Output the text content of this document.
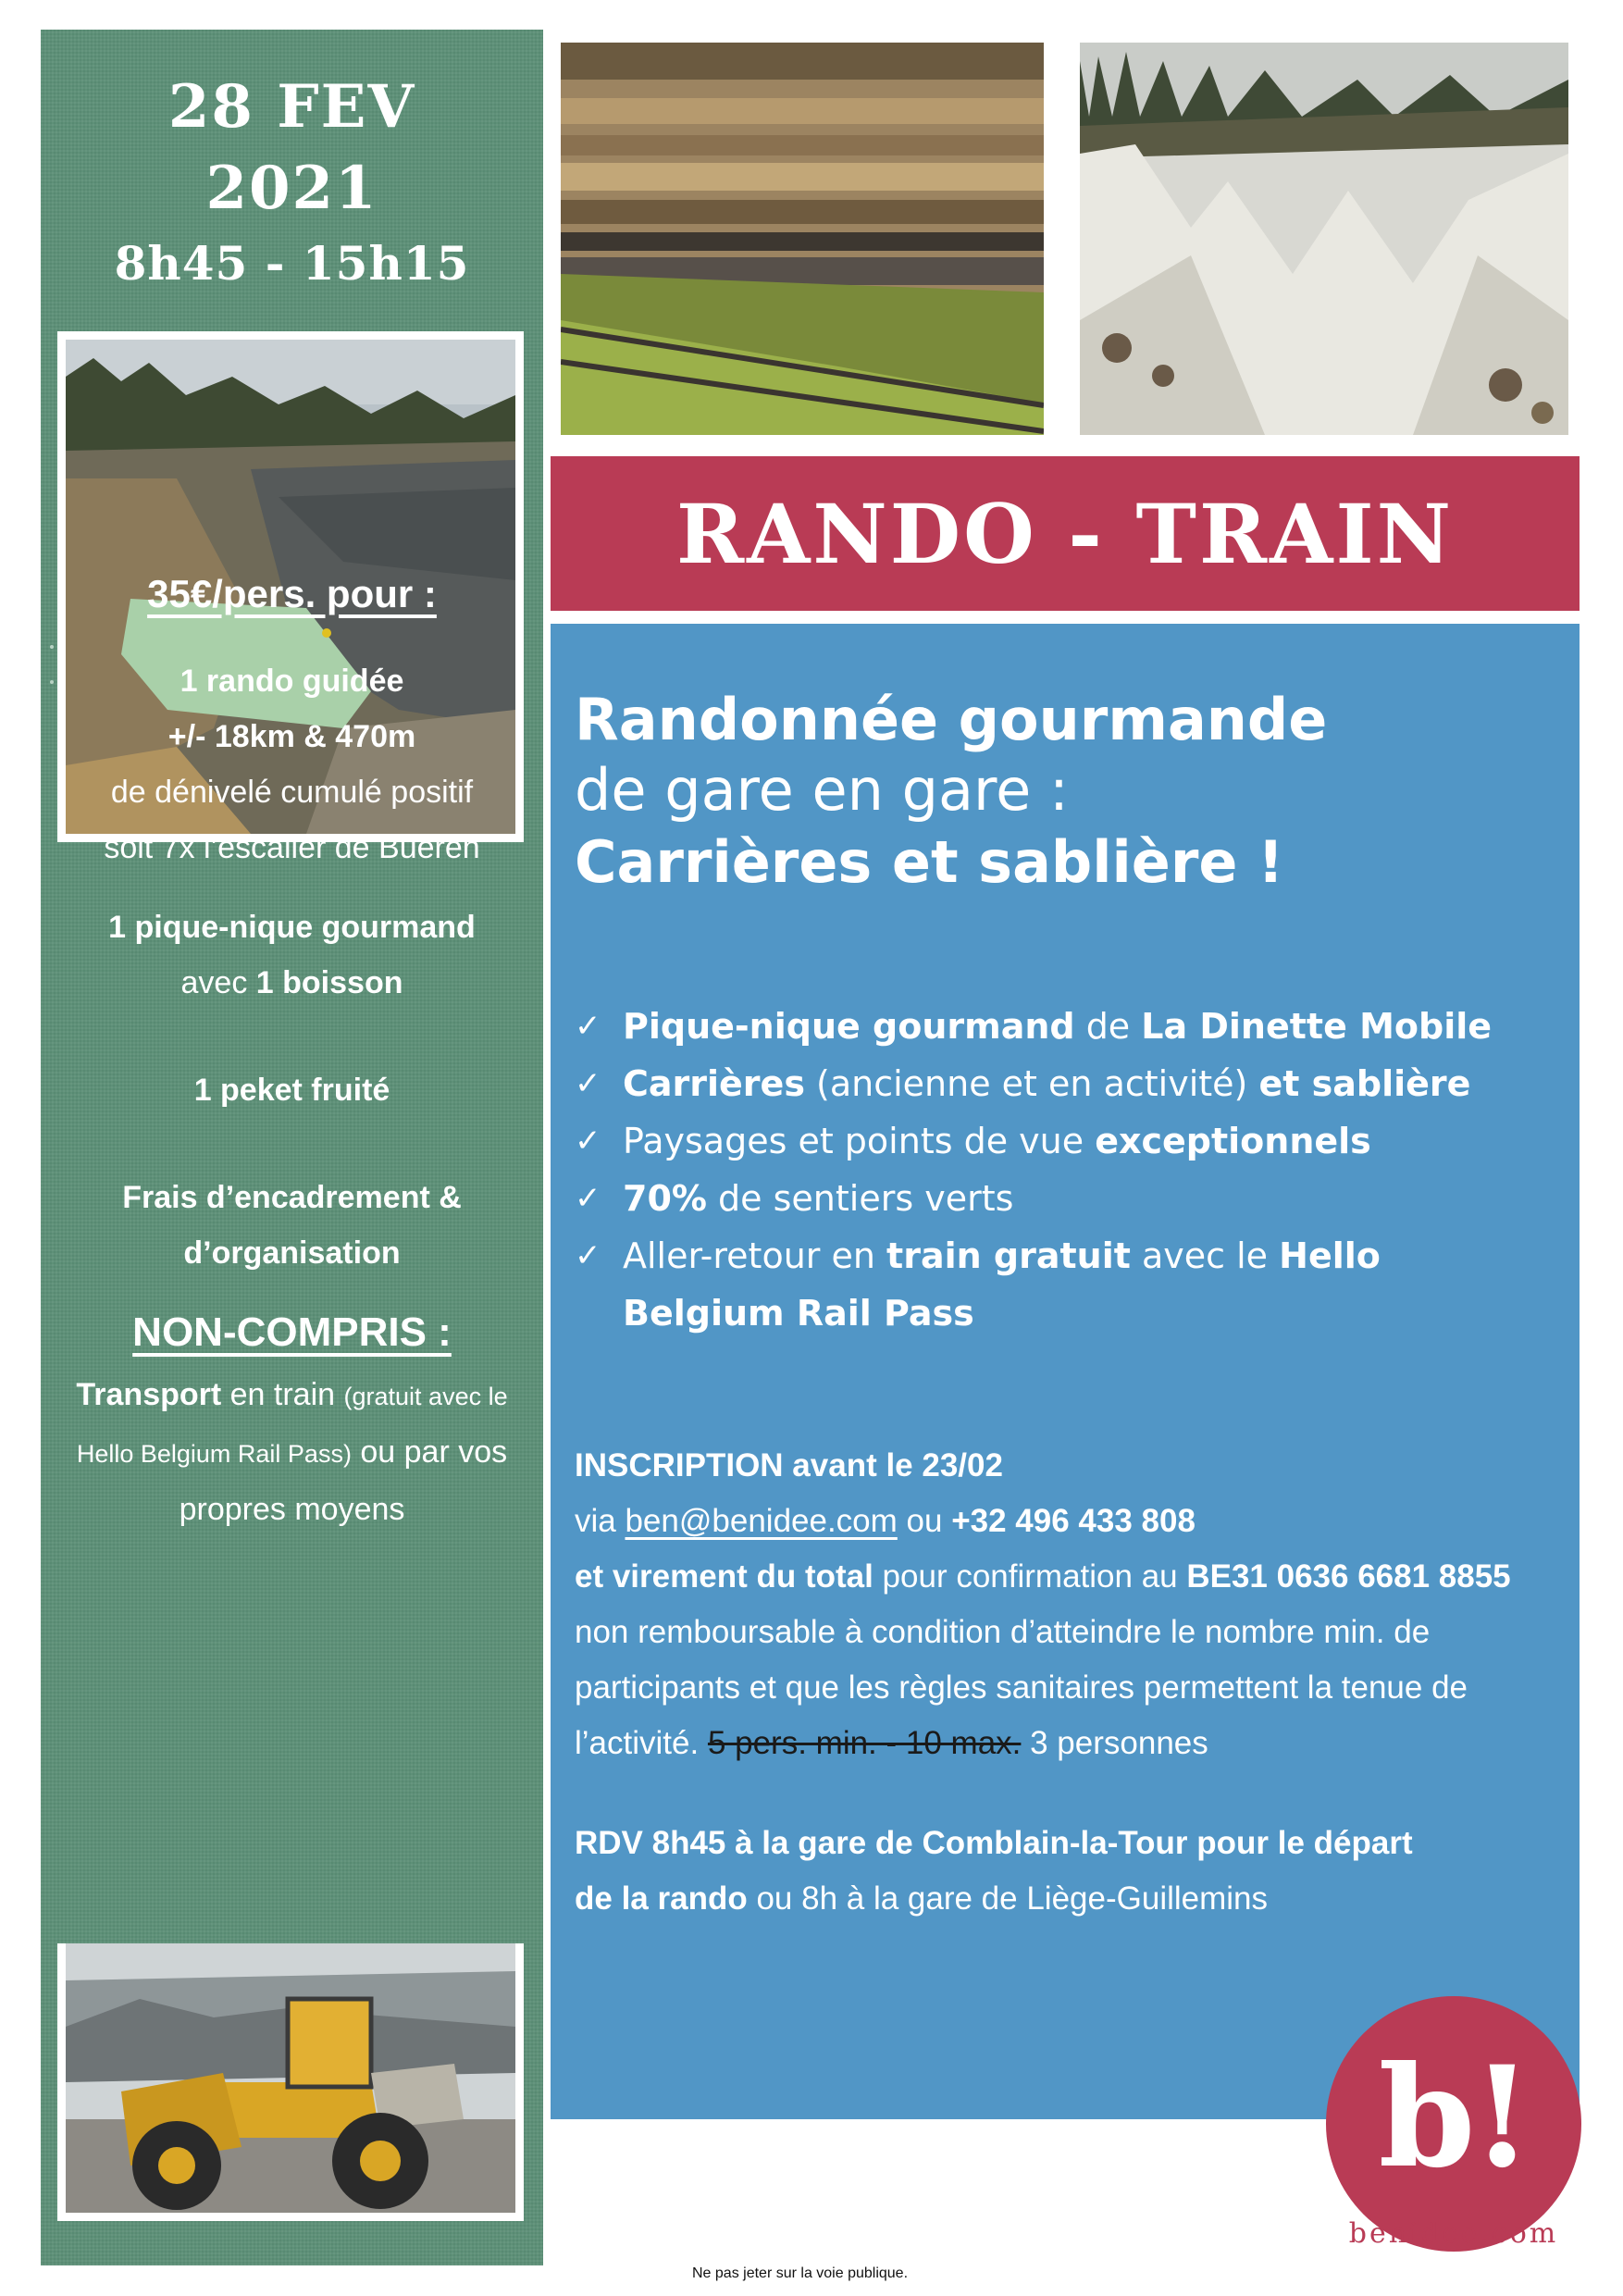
28 FEV
2021
8h45 - 15h15

35€/pers. pour :

1 rando guidée

+/- 18km & 470m

de dénivelé cumulé positif

soit 7x l’escalier de Bueren

1 pique-nique gourmand

avec 1 boisson

1 peket fruité

Frais d’encadrement &

d’organisation

NON-COMPRIS :

Transport en train (gratuit avec le

Hello Belgium Rail Pass) ou par vos

propres moyens

RANDO - TRAIN
Randonnée gourmande
de gare en gare :
Carrières et sablière !
✓ Pique-nique gourmand de La Dinette Mobile
✓ Carrières (ancienne et en activité) et sablière
✓ Paysages et points de vue exceptionnels
✓ 70% de sentiers verts
✓ Aller-retour en train gratuit avec le Hello
Belgium Rail Pass

INSCRIPTION avant le 23/02

via ben@benidee.com ou +32 496 433 808

et virement du total pour confirmation au BE31 0636 6681 8855

non remboursable à condition d’atteindre le nombre min. de

participants et que les règles sanitaires permettent la tenue de

l’activité. 5 pers. min. - 10 max. 3 personnes

RDV 8h45 à la gare de Comblain-la-Tour pour le départ

de la rando ou 8h à la gare de Liège-Guillemins

b!
benidee.com
Ne pas jeter sur la voie publique.
